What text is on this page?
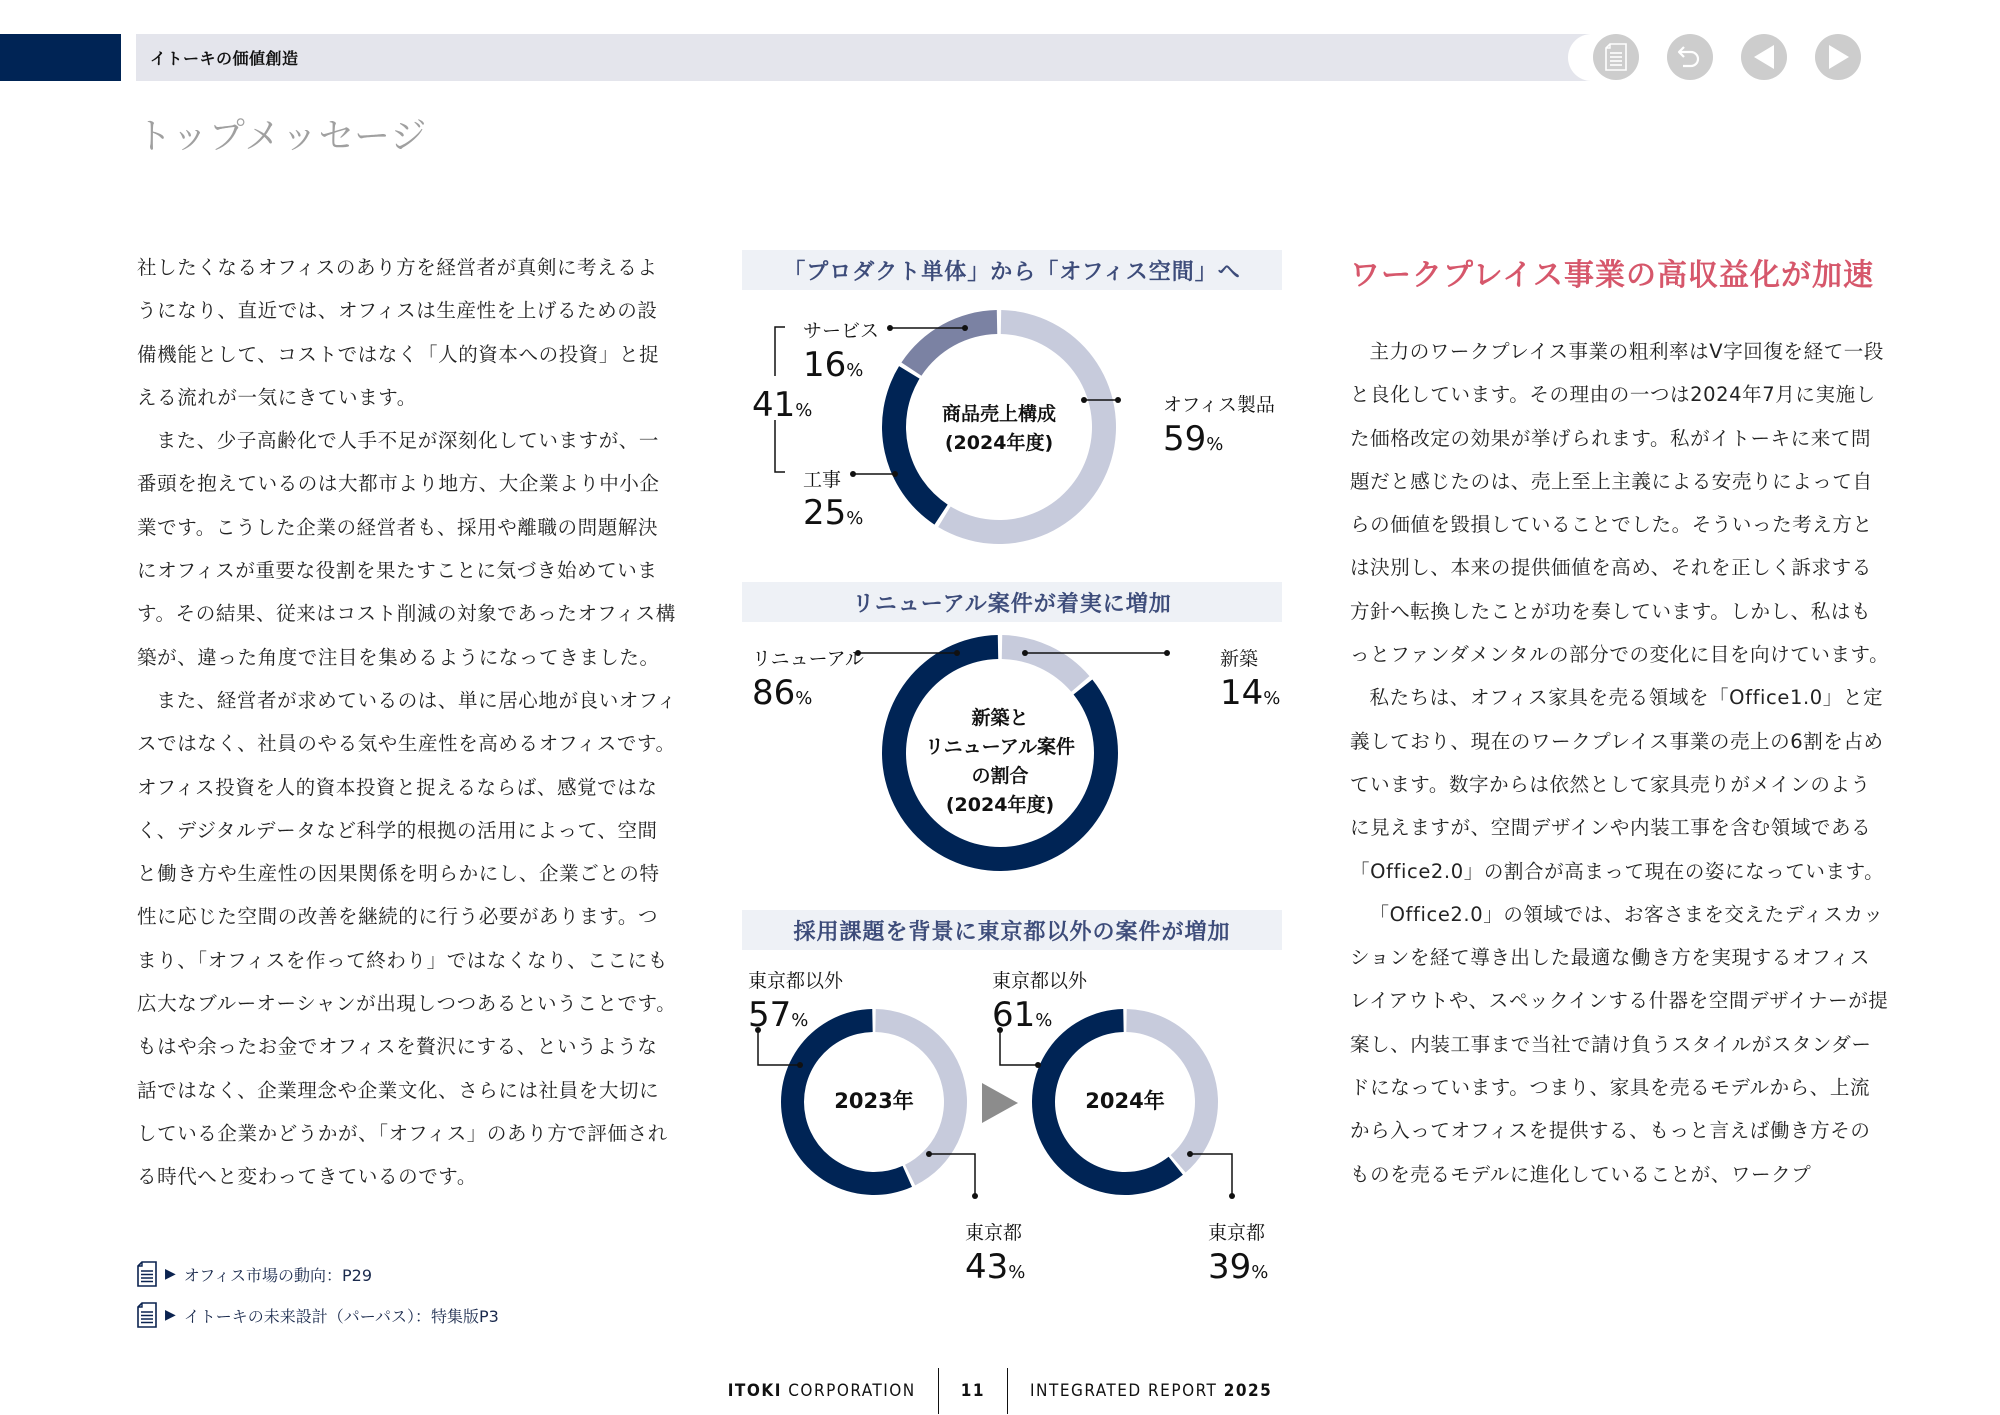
イトーキの価値創造
トップメッセージ

社したくなるオフィスのあり方を経営者が真剣に考えるようになり、直近では、オフィスは生産性を上げるための設備機能として、コストではなく「人的資本への投資」と捉える流れが一気にきています。

また、少子高齢化で人手不足が深刻化していますが、一番頭を抱えているのは大都市より地方、大企業より中小企業です。こうした企業の経営者も、採用や離職の問題解決にオフィスが重要な役割を果たすことに気づき始めています。その結果、従来はコスト削減の対象であったオフィス構築が、違った角度で注目を集めるようになってきました。

また、経営者が求めているのは、単に居心地が良いオフィスではなく、社員のやる気や生産性を高めるオフィスです。オフィス投資を人的資本投資と捉えるならば、感覚ではなく、デジタルデータなど科学的根拠の活用によって、空間と働き方や生産性の因果関係を明らかにし、企業ごとの特性に応じた空間の改善を継続的に行う必要があります。つまり、「オフィスを作って終わり」ではなくなり、ここにも広大なブルーオーシャンが出現しつつあるということです。もはや余ったお金でオフィスを贅沢にする、というような話ではなく、企業理念や企業文化、さらには社員を大切にしている企業かどうかが、「オフィス」のあり方で評価される時代へと変わってきているのです。

▶ オフィス市場の動向：P29
▶ イトーキの未来設計（パーパス）：特集版P3
「プロダクト単体」から「オフィス空間」へ
サービス
16%
41%
工事
25%
オフィス製品
59%
商品売上構成
(2024年度)
リニューアル案件が着実に増加
リニューアル
86%
新築
14%
新築と
リニューアル案件
の割合
(2024年度)
採用課題を背景に東京都以外の案件が増加
東京都以外
57%
東京都以外
61%
東京都
43%
東京都
39%
2023年	2024年
ワークプレイス事業の高収益化が加速

主力のワークプレイス事業の粗利率はV字回復を経て一段と良化しています。その理由の一つは2024年7月に実施した価格改定の効果が挙げられます。私がイトーキに来て問題だと感じたのは、売上至上主義による安売りによって自らの価値を毀損していることでした。そういった考え方とは決別し、本来の提供価値を高め、それを正しく訴求する方針へ転換したことが功を奏しています。しかし、私はもっとファンダメンタルの部分での変化に目を向けています。

私たちは、オフィス家具を売る領域を「Office1.0」と定義しており、現在のワークプレイス事業の売上の6割を占めています。数字からは依然として家具売りがメインのように見えますが、空間デザインや内装工事を含む領域である「Office2.0」の割合が高まって現在の姿になっています。

「Office2.0」の領域では、お客さまを交えたディスカッションを経て導き出した最適な働き方を実現するオフィスレイアウトや、スペックインする什器を空間デザイナーが提案し、内装工事まで当社で請け負うスタイルがスタンダードになっています。つまり、家具を売るモデルから、上流から入ってオフィスを提供する、もっと言えば働き方そのものを売るモデルに進化していることが、ワークプ

ITOKI CORPORATION	11	INTEGRATED REPORT 2025
